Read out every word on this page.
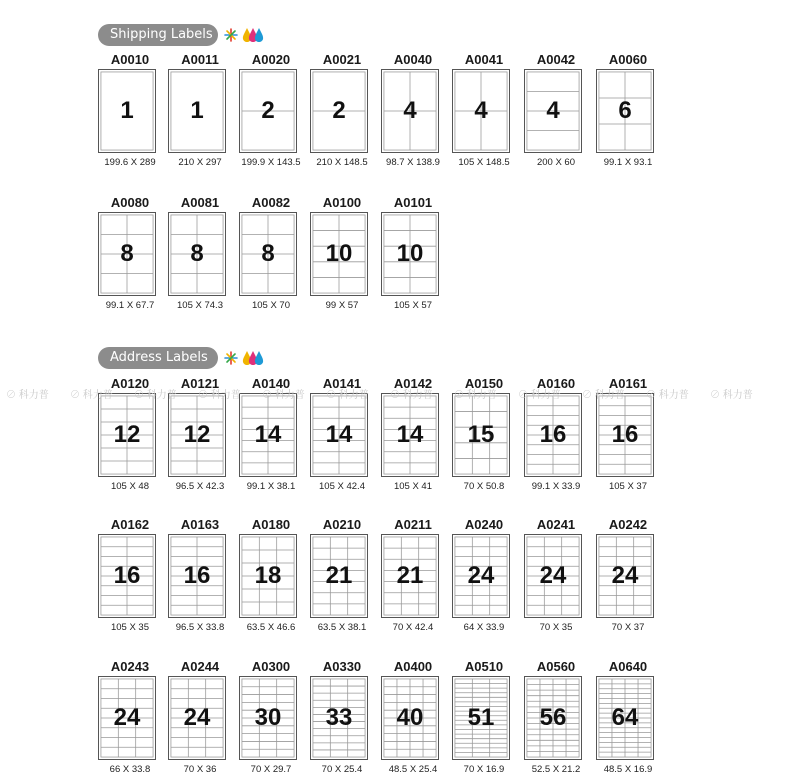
Shipping Labels
Address Labels
A0010
1
199.6 X 289
A0011
1
210 X 297
A0020
2
199.9 X 143.5
A0021
2
210 X 148.5
A0040
4
98.7 X 138.9
A0041
4
105 X 148.5
A0042
4
200 X 60
A0060
6
99.1 X 93.1
A0080
8
99.1 X 67.7
A0081
8
105 X 74.3
A0082
8
105 X 70
A0100
10
99 X 57
A0101
10
105 X 57
A0120
12
105 X 48
A0121
12
96.5 X 42.3
A0140
14
99.1 X 38.1
A0141
14
105 X 42.4
A0142
14
105 X 41
A0150
15
70 X 50.8
A0160
16
99.1 X 33.9
A0161
16
105 X 37
A0162
16
105 X 35
A0163
16
96.5 X 33.8
A0180
18
63.5 X 46.6
A0210
21
63.5 X 38.1
A0211
21
70 X 42.4
A0240
24
64 X 33.9
A0241
24
70 X 35
A0242
24
70 X 37
A0243
24
66 X 33.8
A0244
24
70 X 36
A0300
30
70 X 29.7
A0330
33
70 X 25.4
A0400
40
48.5 X 25.4
A0510
51
70 X 16.9
A0560
56
52.5 X 21.2
A0640
64
48.5 X 16.9
⊘ 科力普 ⊘ 科力普 ⊘ 科力普 ⊘ 科力普 ⊘ 科力普 ⊘ 科力普 ⊘ 科力普 ⊘ 科力普 ⊘ 科力普 ⊘ 科力普 ⊘ 科力普 ⊘ 科力普
